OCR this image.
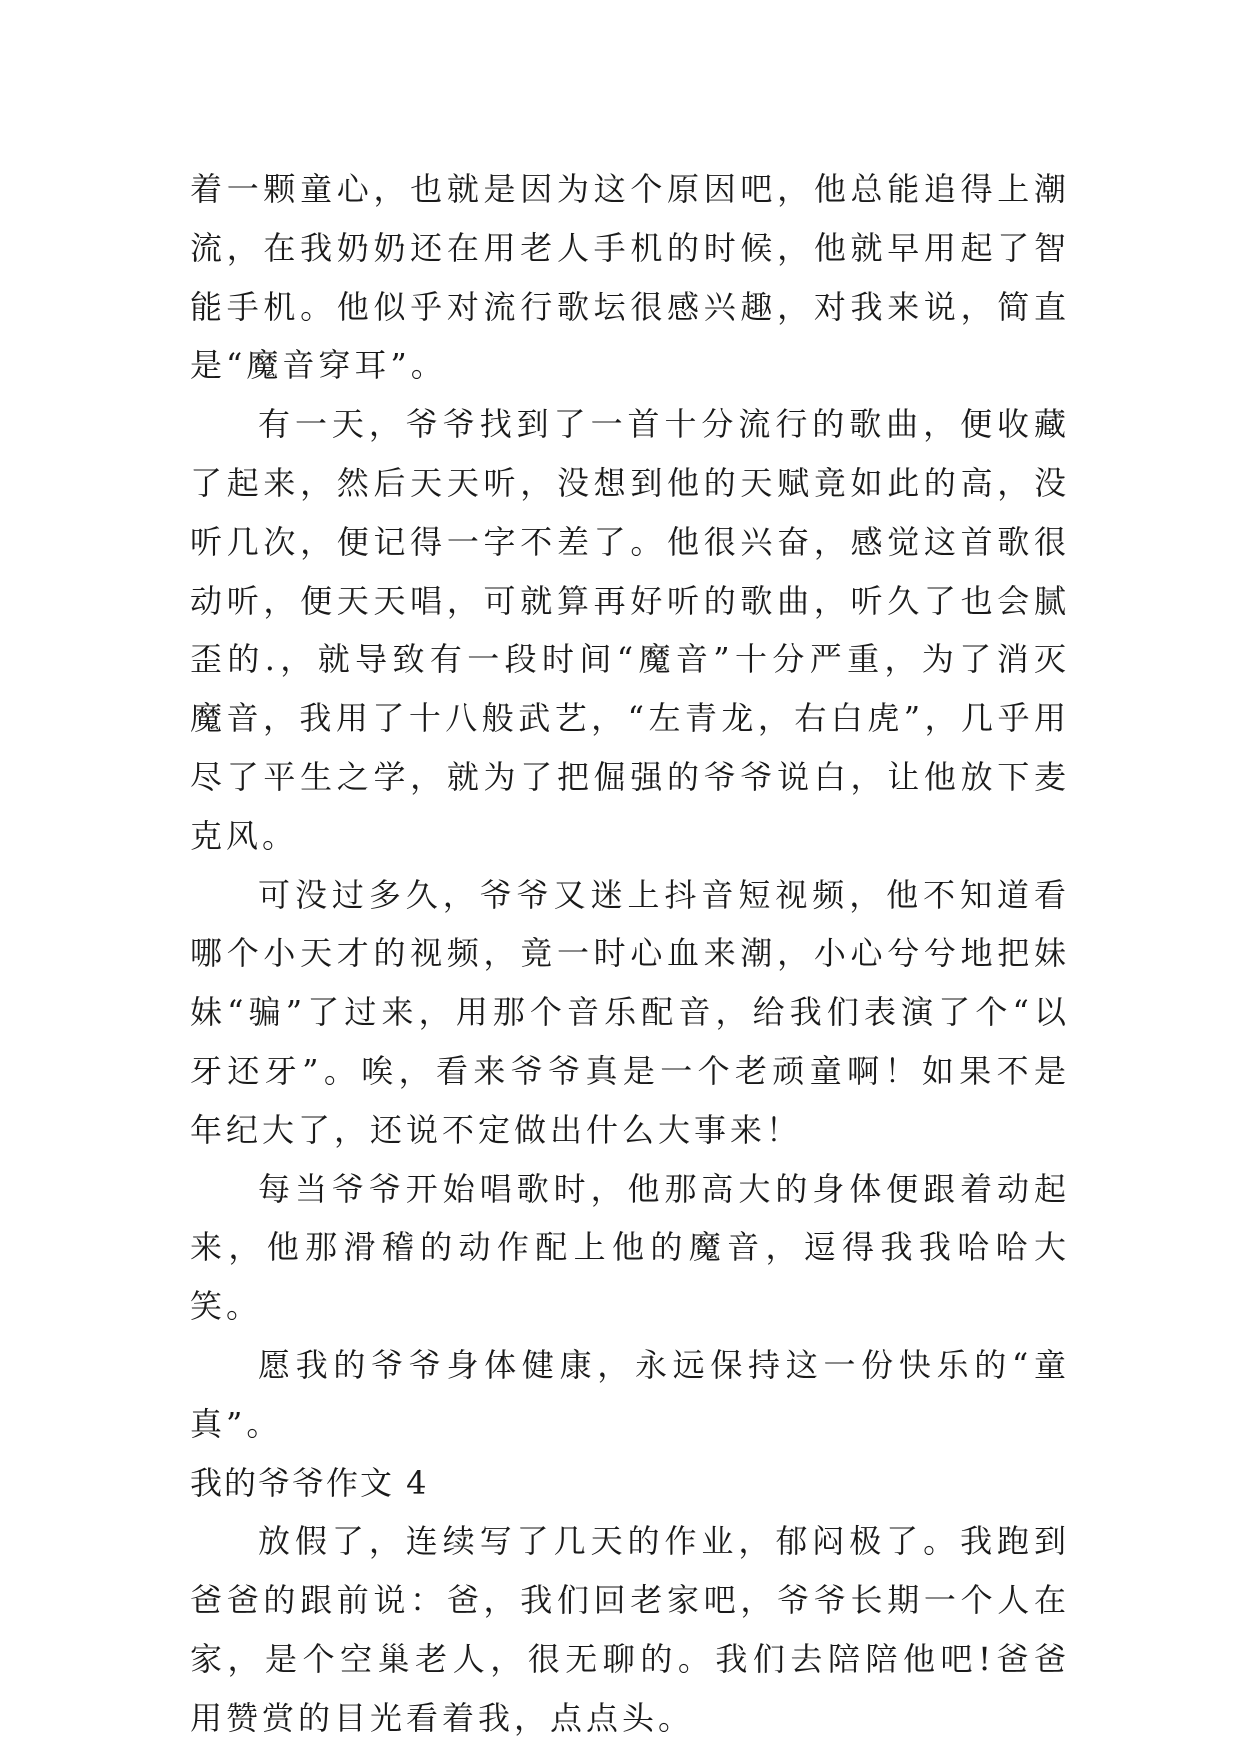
着一颗童心，也就是因为这个原因吧，他总能追得上潮流，在我奶奶还在用老人手机的时候，他就早用起了智能手机。他似乎对流行歌坛很感兴趣，对我来说，简直是“魔音穿耳”。

有一天，爷爷找到了一首十分流行的歌曲，便收藏了起来，然后天天听，没想到他的天赋竟如此的高，没听几次，便记得一字不差了。他很兴奋，感觉这首歌很动听，便天天唱，可就算再好听的歌曲，听久了也会腻歪的.，就导致有一段时间“魔音”十分严重，为了消灭魔音，我用了十八般武艺，“左青龙，右白虎”，几乎用尽了平生之学，就为了把倔强的爷爷说白，让他放下麦克风。

可没过多久，爷爷又迷上抖音短视频，他不知道看哪个小天才的视频，竟一时心血来潮，小心兮兮地把妹妹“骗”了过来，用那个音乐配音，给我们表演了个“以牙还牙”。唉，看来爷爷真是一个老顽童啊！如果不是年纪大了，还说不定做出什么大事来！

每当爷爷开始唱歌时，他那高大的身体便跟着动起来，他那滑稽的动作配上他的魔音，逗得我我哈哈大笑。

愿我的爷爷身体健康，永远保持这一份快乐的“童真”。

我的爷爷作文 4

放假了，连续写了几天的作业，郁闷极了。我跑到爸爸的跟前说：爸，我们回老家吧，爷爷长期一个人在家，是个空巢老人，很无聊的。我们去陪陪他吧!爸爸用赞赏的目光看着我，点点头。
